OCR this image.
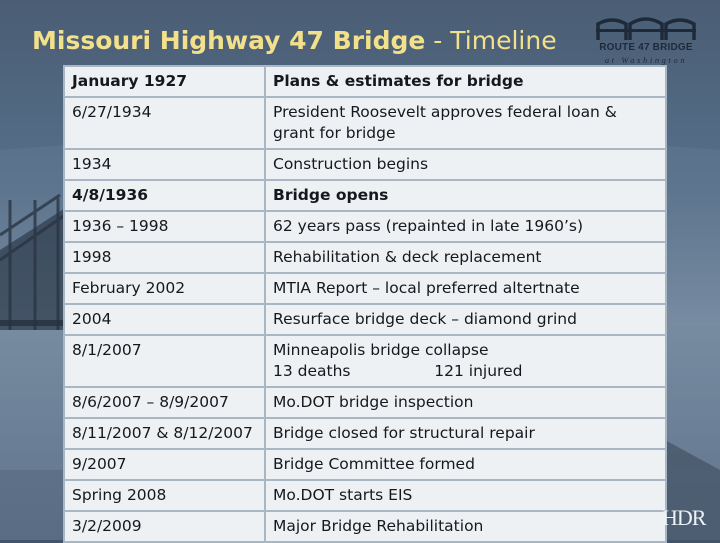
Missouri Highway 47 Bridge - Timeline	ROUTE 47 BRIDGE
at Washington
January 1927	Plans & estimates for bridge

6/27/1934	President Roosevelt approves federal loan &
grant for bridge

1934	Construction begins

4/8/1936	Bridge opens

1936 – 1998	62 years pass (repainted in late 1960’s)

1998	Rehabilitation & deck replacement

February 2002	MTIA Report – local preferred altertnate

2004	Resurface bridge deck – diamond grind

8/1/2007	Minneapolis bridge collapse
13 deaths                 121 injured

8/6/2007 – 8/9/2007	Mo.DOT bridge inspection

8/11/2007 & 8/12/2007	Bridge closed for structural repair

9/2007	Bridge Committee formed

Spring 2008	Mo.DOT starts EIS

3/2/2009	Major Bridge Rehabilitation	HDR
